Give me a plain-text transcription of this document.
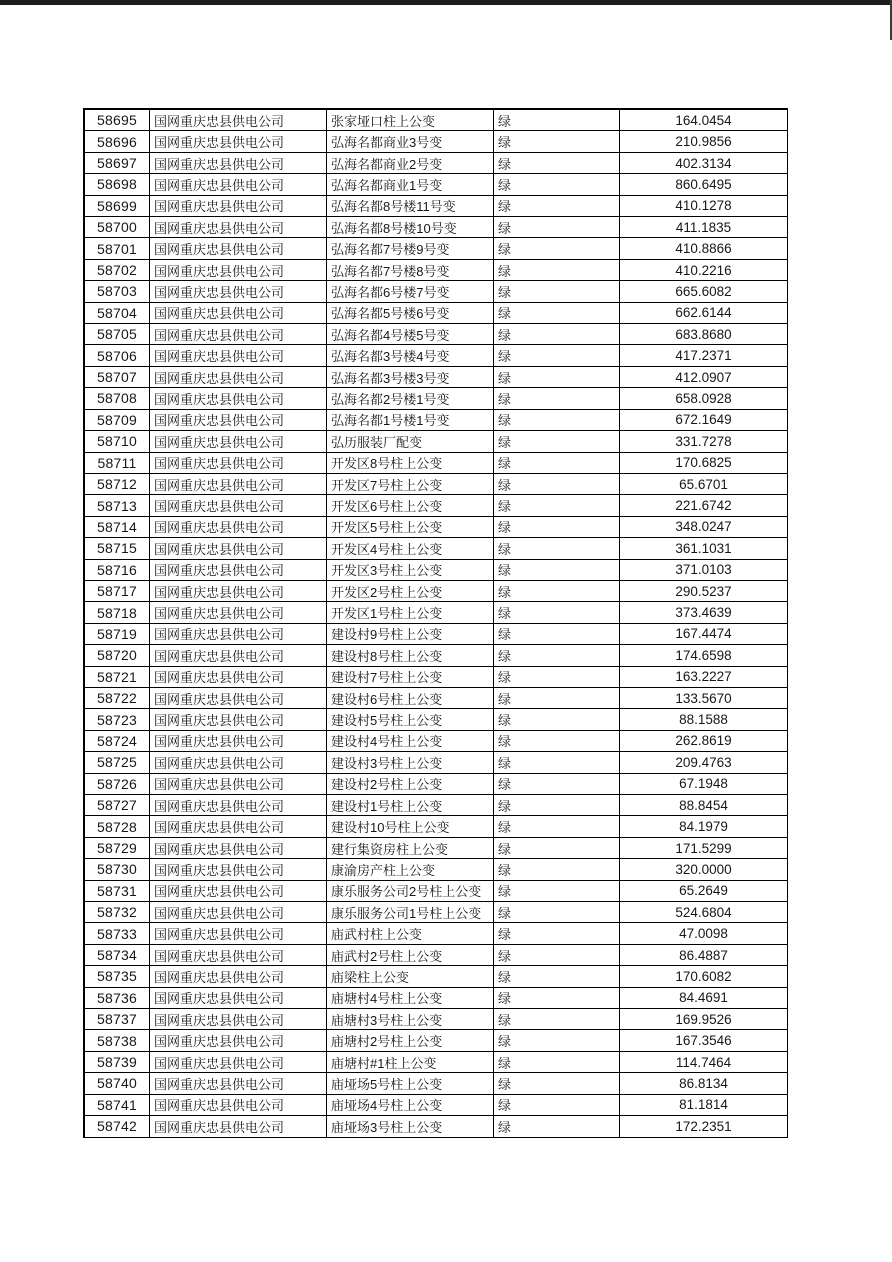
58695	国网重庆忠县供电公司	张家垭口柱上公变	绿	164.0454
58696	国网重庆忠县供电公司	弘海名都商业3号变	绿	210.9856
58697	国网重庆忠县供电公司	弘海名都商业2号变	绿	402.3134
58698	国网重庆忠县供电公司	弘海名都商业1号变	绿	860.6495
58699	国网重庆忠县供电公司	弘海名都8号楼11号变	绿	410.1278
58700	国网重庆忠县供电公司	弘海名都8号楼10号变	绿	411.1835
58701	国网重庆忠县供电公司	弘海名都7号楼9号变	绿	410.8866
58702	国网重庆忠县供电公司	弘海名都7号楼8号变	绿	410.2216
58703	国网重庆忠县供电公司	弘海名都6号楼7号变	绿	665.6082
58704	国网重庆忠县供电公司	弘海名都5号楼6号变	绿	662.6144
58705	国网重庆忠县供电公司	弘海名都4号楼5号变	绿	683.8680
58706	国网重庆忠县供电公司	弘海名都3号楼4号变	绿	417.2371
58707	国网重庆忠县供电公司	弘海名都3号楼3号变	绿	412.0907
58708	国网重庆忠县供电公司	弘海名都2号楼1号变	绿	658.0928
58709	国网重庆忠县供电公司	弘海名都1号楼1号变	绿	672.1649
58710	国网重庆忠县供电公司	弘历服装厂配变	绿	331.7278
58711	国网重庆忠县供电公司	开发区8号柱上公变	绿	170.6825
58712	国网重庆忠县供电公司	开发区7号柱上公变	绿	65.6701
58713	国网重庆忠县供电公司	开发区6号柱上公变	绿	221.6742
58714	国网重庆忠县供电公司	开发区5号柱上公变	绿	348.0247
58715	国网重庆忠县供电公司	开发区4号柱上公变	绿	361.1031
58716	国网重庆忠县供电公司	开发区3号柱上公变	绿	371.0103
58717	国网重庆忠县供电公司	开发区2号柱上公变	绿	290.5237
58718	国网重庆忠县供电公司	开发区1号柱上公变	绿	373.4639
58719	国网重庆忠县供电公司	建设村9号柱上公变	绿	167.4474
58720	国网重庆忠县供电公司	建设村8号柱上公变	绿	174.6598
58721	国网重庆忠县供电公司	建设村7号柱上公变	绿	163.2227
58722	国网重庆忠县供电公司	建设村6号柱上公变	绿	133.5670
58723	国网重庆忠县供电公司	建设村5号柱上公变	绿	88.1588
58724	国网重庆忠县供电公司	建设村4号柱上公变	绿	262.8619
58725	国网重庆忠县供电公司	建设村3号柱上公变	绿	209.4763
58726	国网重庆忠县供电公司	建设村2号柱上公变	绿	67.1948
58727	国网重庆忠县供电公司	建设村1号柱上公变	绿	88.8454
58728	国网重庆忠县供电公司	建设村10号柱上公变	绿	84.1979
58729	国网重庆忠县供电公司	建行集资房柱上公变	绿	171.5299
58730	国网重庆忠县供电公司	康渝房产柱上公变	绿	320.0000
58731	国网重庆忠县供电公司	康乐服务公司2号柱上公变	绿	65.2649
58732	国网重庆忠县供电公司	康乐服务公司1号柱上公变	绿	524.6804
58733	国网重庆忠县供电公司	庙武村柱上公变	绿	47.0098
58734	国网重庆忠县供电公司	庙武村2号柱上公变	绿	86.4887
58735	国网重庆忠县供电公司	庙梁柱上公变	绿	170.6082
58736	国网重庆忠县供电公司	庙塘村4号柱上公变	绿	84.4691
58737	国网重庆忠县供电公司	庙塘村3号柱上公变	绿	169.9526
58738	国网重庆忠县供电公司	庙塘村2号柱上公变	绿	167.3546
58739	国网重庆忠县供电公司	庙塘村#1柱上公变	绿	114.7464
58740	国网重庆忠县供电公司	庙垭场5号柱上公变	绿	86.8134
58741	国网重庆忠县供电公司	庙垭场4号柱上公变	绿	81.1814
58742	国网重庆忠县供电公司	庙垭场3号柱上公变	绿	172.2351
